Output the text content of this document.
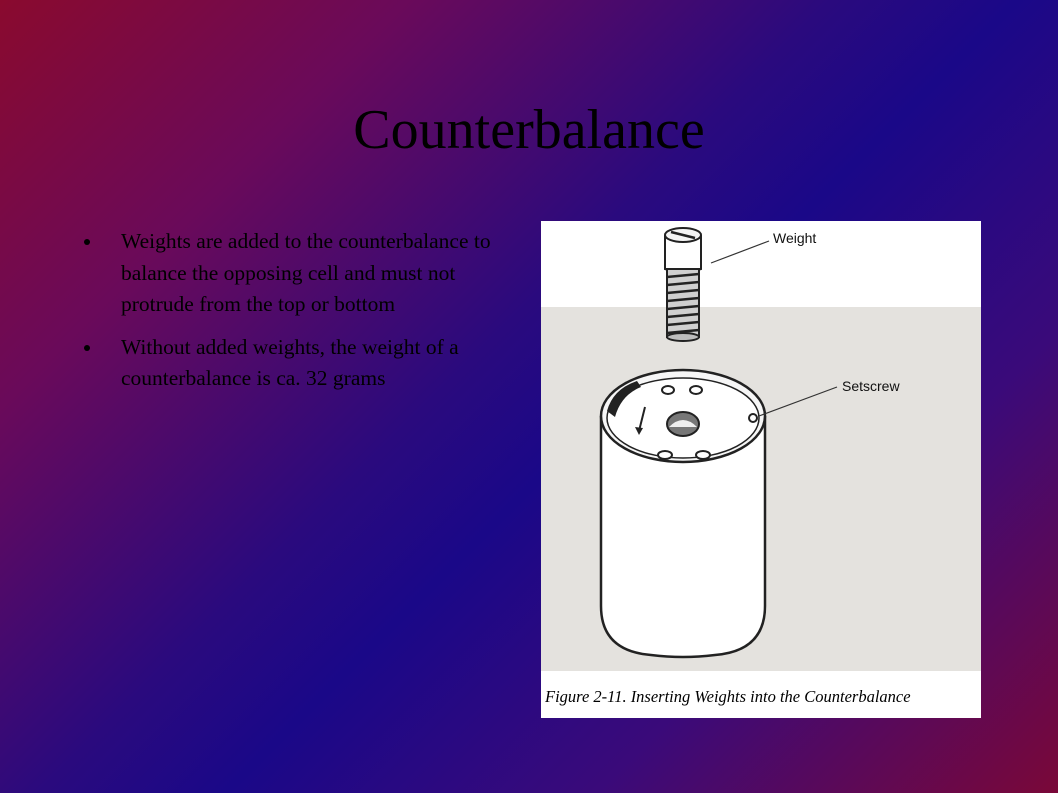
Counterbalance
Weights are added to the counterbalance to balance the opposing cell and must not protrude from the top or bottom
Without added weights, the weight of a counterbalance is ca. 32 grams
Weight
Setscrew
Figure 2-11. Inserting Weights into the Counterbalance
